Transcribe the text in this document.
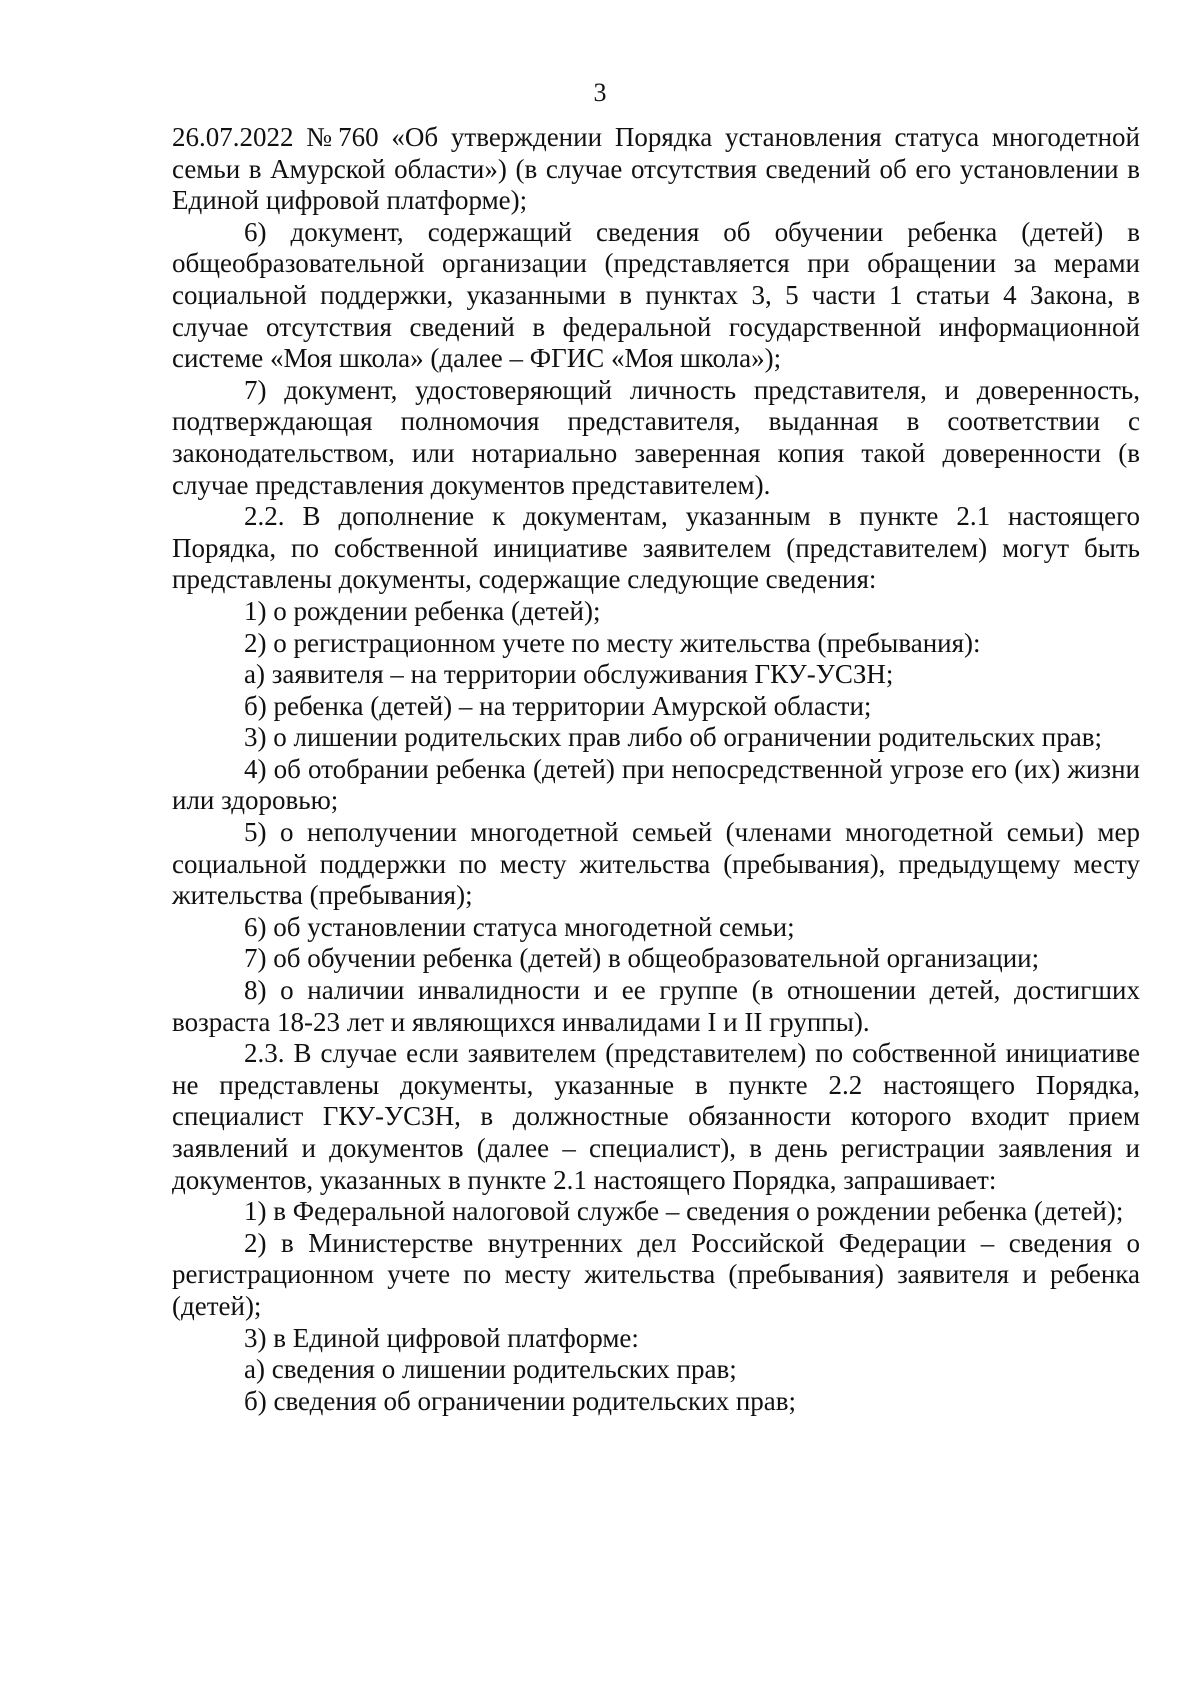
3

26.07.2022 №760 «Об утверждении Порядка установления статуса многодетной семьи в Амурской области») (в случае отсутствия сведений об его установлении в Единой цифровой платформе);

6) документ, содержащий сведения об обучении ребенка (детей) в общеобразовательной организации (представляется при обращении за мерами социальной поддержки, указанными в пунктах 3, 5 части 1 статьи 4 Закона, в случае отсутствия сведений в федеральной государственной информационной системе «Моя школа» (далее – ФГИС «Моя школа»);

7) документ, удостоверяющий личность представителя, и доверенность, подтверждающая полномочия представителя, выданная в соответствии с законодательством, или нотариально заверенная копия такой доверенности (в случае представления документов представителем).

2.2. В дополнение к документам, указанным в пункте 2.1 настоящего Порядка, по собственной инициативе заявителем (представителем) могут быть представлены документы, содержащие следующие сведения:

1) о рождении ребенка (детей);

2) о регистрационном учете по месту жительства (пребывания):

а) заявителя – на территории обслуживания ГКУ-УСЗН;

б) ребенка (детей) – на территории Амурской области;

3) о лишении родительских прав либо об ограничении родительских прав;

4) об отобрании ребенка (детей) при непосредственной угрозе его (их) жизни или здоровью;

5) о неполучении многодетной семьей (членами многодетной семьи) мер социальной поддержки по месту жительства (пребывания), предыдущему месту жительства (пребывания);

6) об установлении статуса многодетной семьи;

7) об обучении ребенка (детей) в общеобразовательной организации;

8) о наличии инвалидности и ее группе (в отношении детей, достигших возраста 18-23 лет и являющихся инвалидами I и II группы).

2.3. В случае если заявителем (представителем) по собственной инициативе не представлены документы, указанные в пункте 2.2 настоящего Порядка, специалист ГКУ-УСЗН, в должностные обязанности которого входит прием заявлений и документов (далее – специалист), в день регистрации заявления и документов, указанных в пункте 2.1 настоящего Порядка, запрашивает:

1) в Федеральной налоговой службе – сведения о рождении ребенка (детей);

2) в Министерстве внутренних дел Российской Федерации – сведения о регистрационном учете по месту жительства (пребывания) заявителя и ребенка (детей);

3) в Единой цифровой платформе:

а) сведения о лишении родительских прав;

б) сведения об ограничении родительских прав;
